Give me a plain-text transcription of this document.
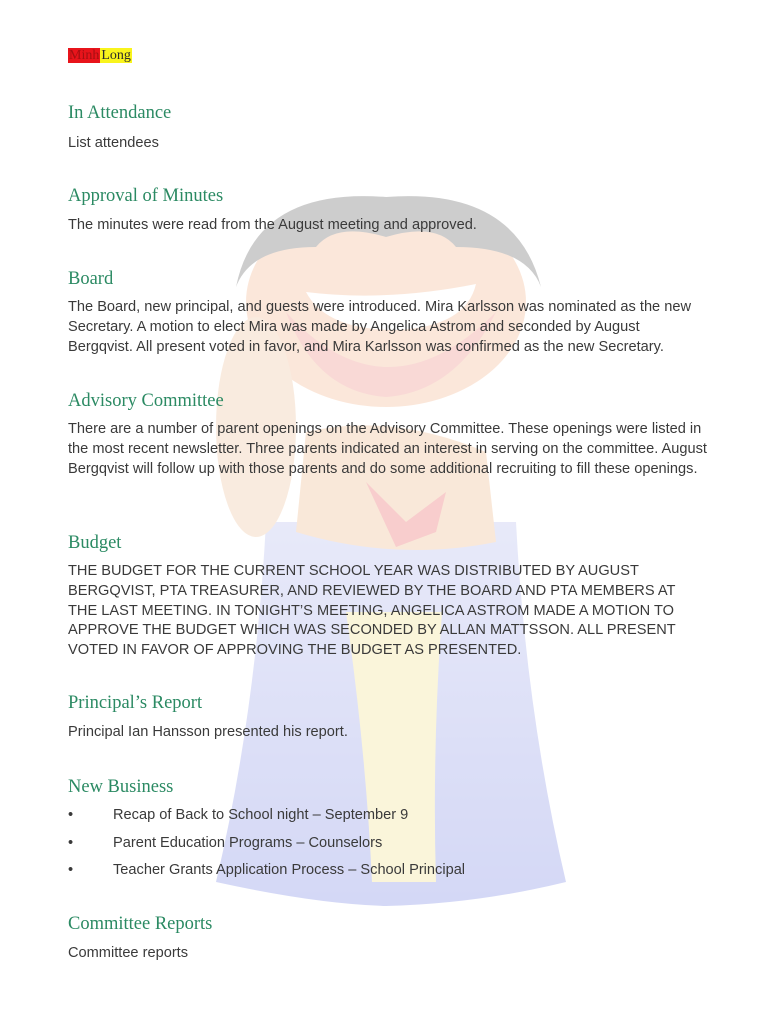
Minh Long
In Attendance

List attendees

Approval of Minutes

The minutes were read from the August meeting and approved.

Board

The Board, new principal, and guests were introduced. Mira Karlsson was nominated as the new Secretary. A motion to elect Mira was made by Angelica Astrom and seconded by August Bergqvist. All present voted in favor, and Mira Karlsson was confirmed as the new Secretary.

Advisory Committee

There are a number of parent openings on the Advisory Committee. These openings were listed in the most recent newsletter. Three parents indicated an interest in serving on the committee. August Bergqvist will follow up with those parents and do some additional recruiting to fill these openings.

Budget

THE BUDGET FOR THE CURRENT SCHOOL YEAR WAS DISTRIBUTED BY AUGUST BERGQVIST, PTA TREASURER, AND REVIEWED BY THE BOARD AND PTA MEMBERS AT THE LAST MEETING. IN TONIGHT’S MEETING, ANGELICA ASTROM MADE A MOTION TO APPROVE THE BUDGET WHICH WAS SECONDED BY ALLAN MATTSSON. ALL PRESENT VOTED IN FAVOR OF APPROVING THE BUDGET AS PRESENTED.

Principal’s Report

Principal Ian Hansson presented his report.

New Business
•	Recap of Back to School night – September 9
•	Parent Education Programs – Counselors
•	Teacher Grants Application Process – School Principal
Committee Reports

Committee reports
